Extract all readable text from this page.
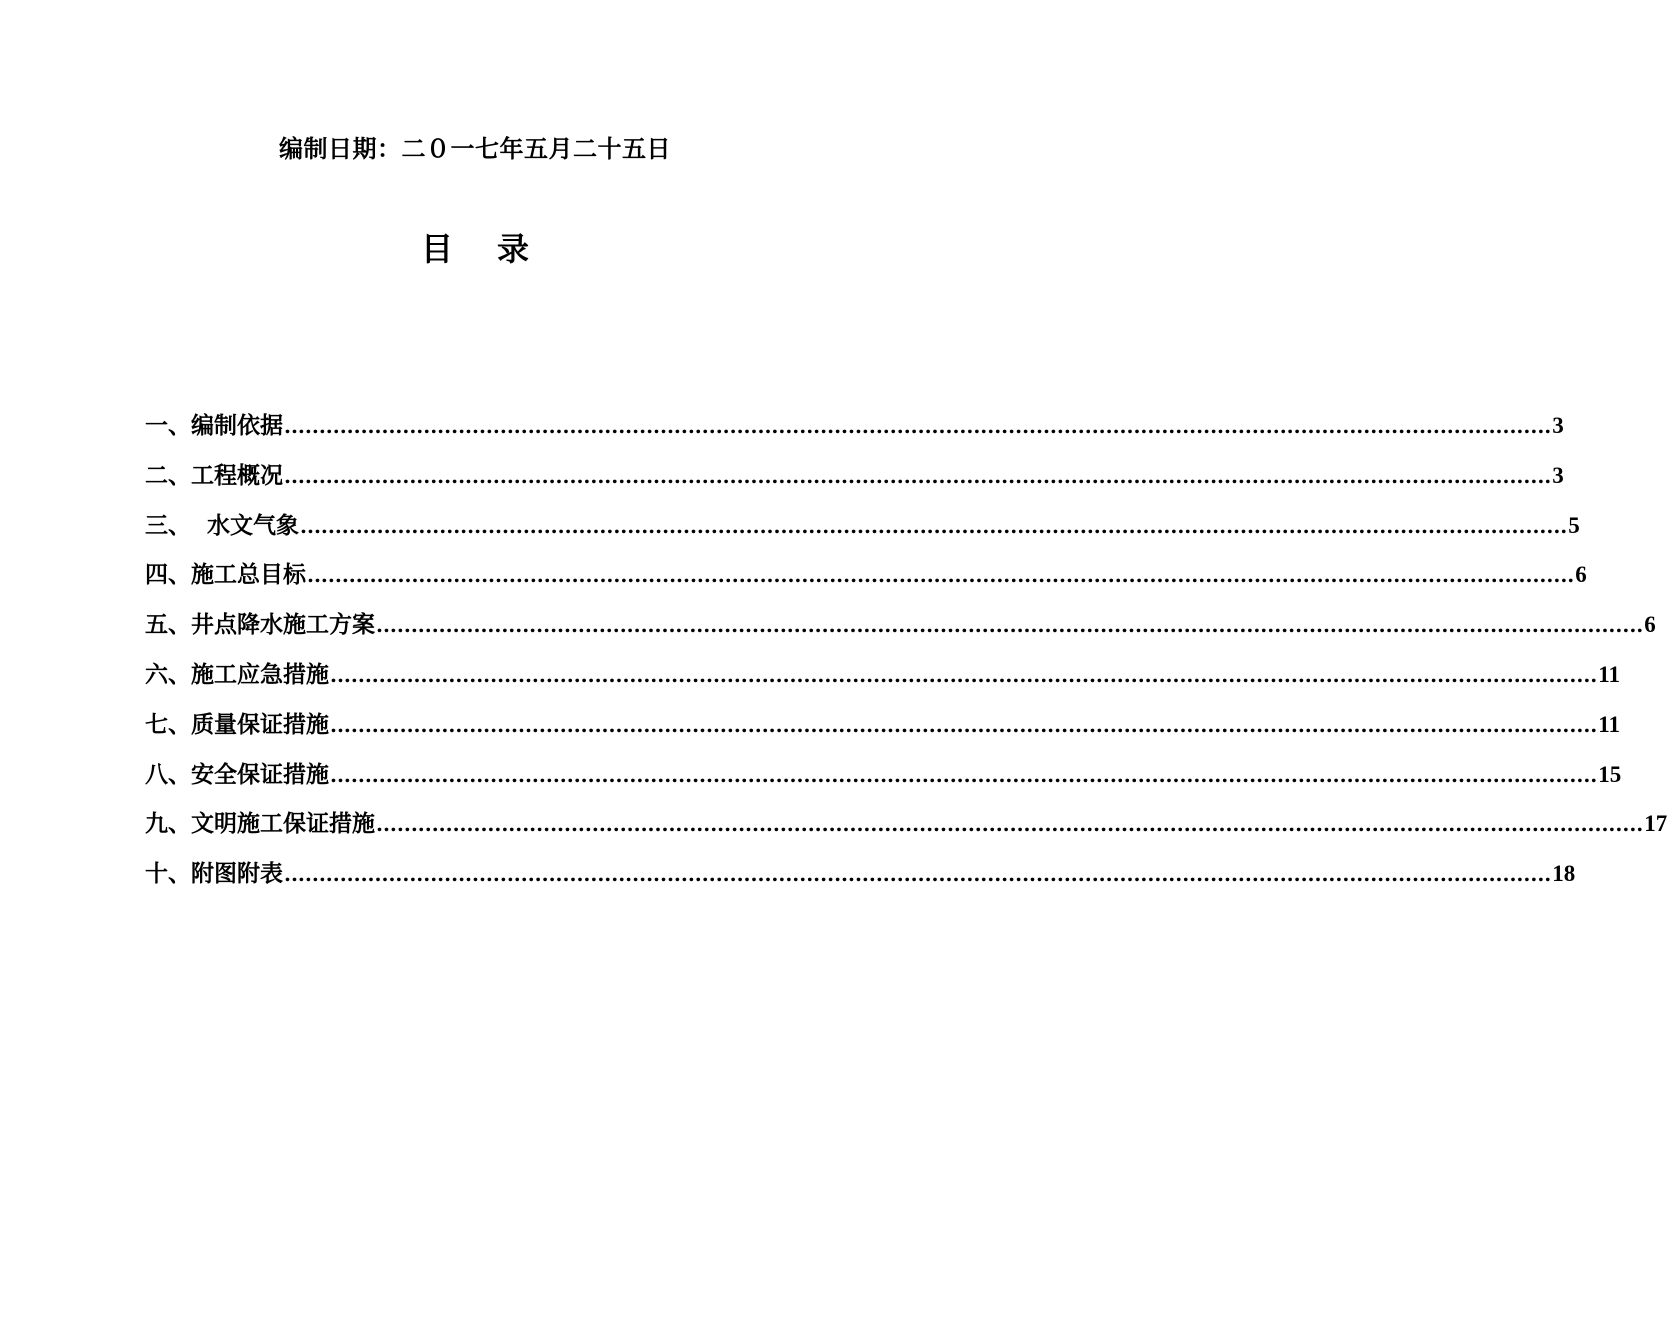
编制日期：二０一七年五月二十五日
目 录
一、编制依据 ...................................................................................................................................................................................... 3
二、工程概况 ...................................................................................................................................................................................... 3
三、  水文气象 ...................................................................................................................................................................................... 5
四、施工总目标 ...................................................................................................................................................................................... 6
五、井点降水施工方案 ...................................................................................................................................................................................... 6
六、施工应急措施 ...................................................................................................................................................................................... 11
七、质量保证措施 ...................................................................................................................................................................................... 11
八、安全保证措施 ...................................................................................................................................................................................... 15
九、文明施工保证措施 ...................................................................................................................................................................................... 17
十、附图附表 ...................................................................................................................................................................................... 18
